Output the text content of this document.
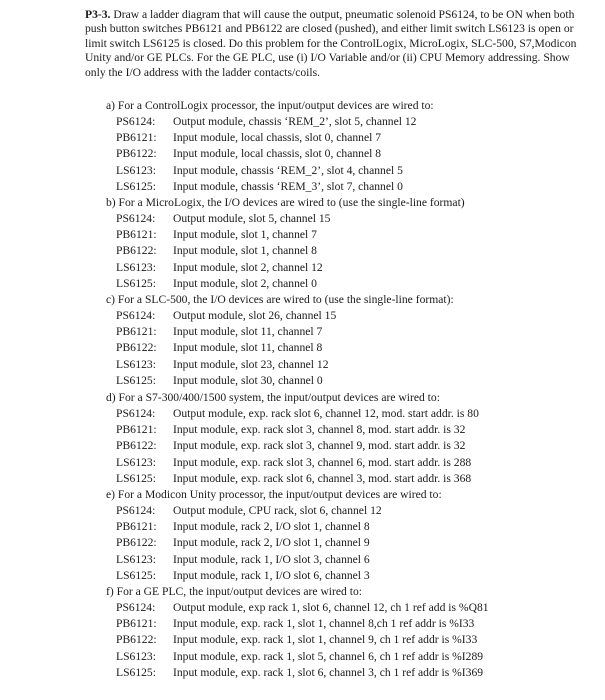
P3-3. Draw a ladder diagram that will cause the output, pneumatic solenoid PS6124, to be ON when both push button switches PB6121 and PB6122 are closed (pushed), and either limit switch LS6123 is open or limit switch LS6125 is closed. Do this problem for the ControlLogix, MicroLogix, SLC-500, S7,Modicon Unity and/or GE PLCs. For the GE PLC, use (i) I/O Variable and/or (ii) CPU Memory addressing. Show only the I/O address with the ladder contacts/coils.
a) For a ControlLogix processor, the input/output devices are wired to:
PS6124: Output module, chassis ‘REM_2’, slot 5, channel 12
PB6121: Input module, local chassis, slot 0, channel 7
PB6122: Input module, local chassis, slot 0, channel 8
LS6123: Input module, chassis ‘REM_2’, slot 4, channel 5
LS6125: Input module, chassis ‘REM_3’, slot 7, channel 0
b) For a MicroLogix, the I/O devices are wired to (use the single-line format)
PS6124: Output module, slot 5, channel 15
PB6121: Input module, slot 1, channel 7
PB6122: Input module, slot 1, channel 8
LS6123: Input module, slot 2, channel 12
LS6125: Input module, slot 2, channel 0
c) For a SLC-500, the I/O devices are wired to (use the single-line format):
PS6124: Output module, slot 26, channel 15
PB6121: Input module, slot 11, channel 7
PB6122: Input module, slot 11, channel 8
LS6123: Input module, slot 23, channel 12
LS6125: Input module, slot 30, channel 0
d) For a S7-300/400/1500 system, the input/output devices are wired to:
PS6124: Output module, exp. rack slot 6, channel 12, mod. start addr. is 80
PB6121: Input module, exp. rack slot 3, channel 8, mod. start addr. is 32
PB6122: Input module, exp. rack slot 3, channel 9, mod. start addr. is 32
LS6123: Input module, exp. rack slot 3, channel 6, mod. start addr. is 288
LS6125: Input module, exp. rack slot 6, channel 3, mod. start addr. is 368
e) For a Modicon Unity processor, the input/output devices are wired to:
PS6124: Output module, CPU rack, slot 6, channel 12
PB6121: Input module, rack 2, I/O slot 1, channel 8
PB6122: Input module, rack 2, I/O slot 1, channel 9
LS6123: Input module, rack 1, I/O slot 3, channel 6
LS6125: Input module, rack 1, I/O slot 6, channel 3
f) For a GE PLC, the input/output devices are wired to:
PS6124: Output module, exp rack 1, slot 6, channel 12, ch 1 ref add is %Q81
PB6121: Input module, exp. rack 1, slot 1, channel 8,ch 1 ref addr is %I33
PB6122: Input module, exp. rack 1, slot 1, channel 9, ch 1 ref addr is %I33
LS6123: Input module, exp. rack 1, slot 5, channel 6, ch 1 ref addr is %I289
LS6125: Input module, exp. rack 1, slot 6, channel 3, ch 1 ref addr is %I369
